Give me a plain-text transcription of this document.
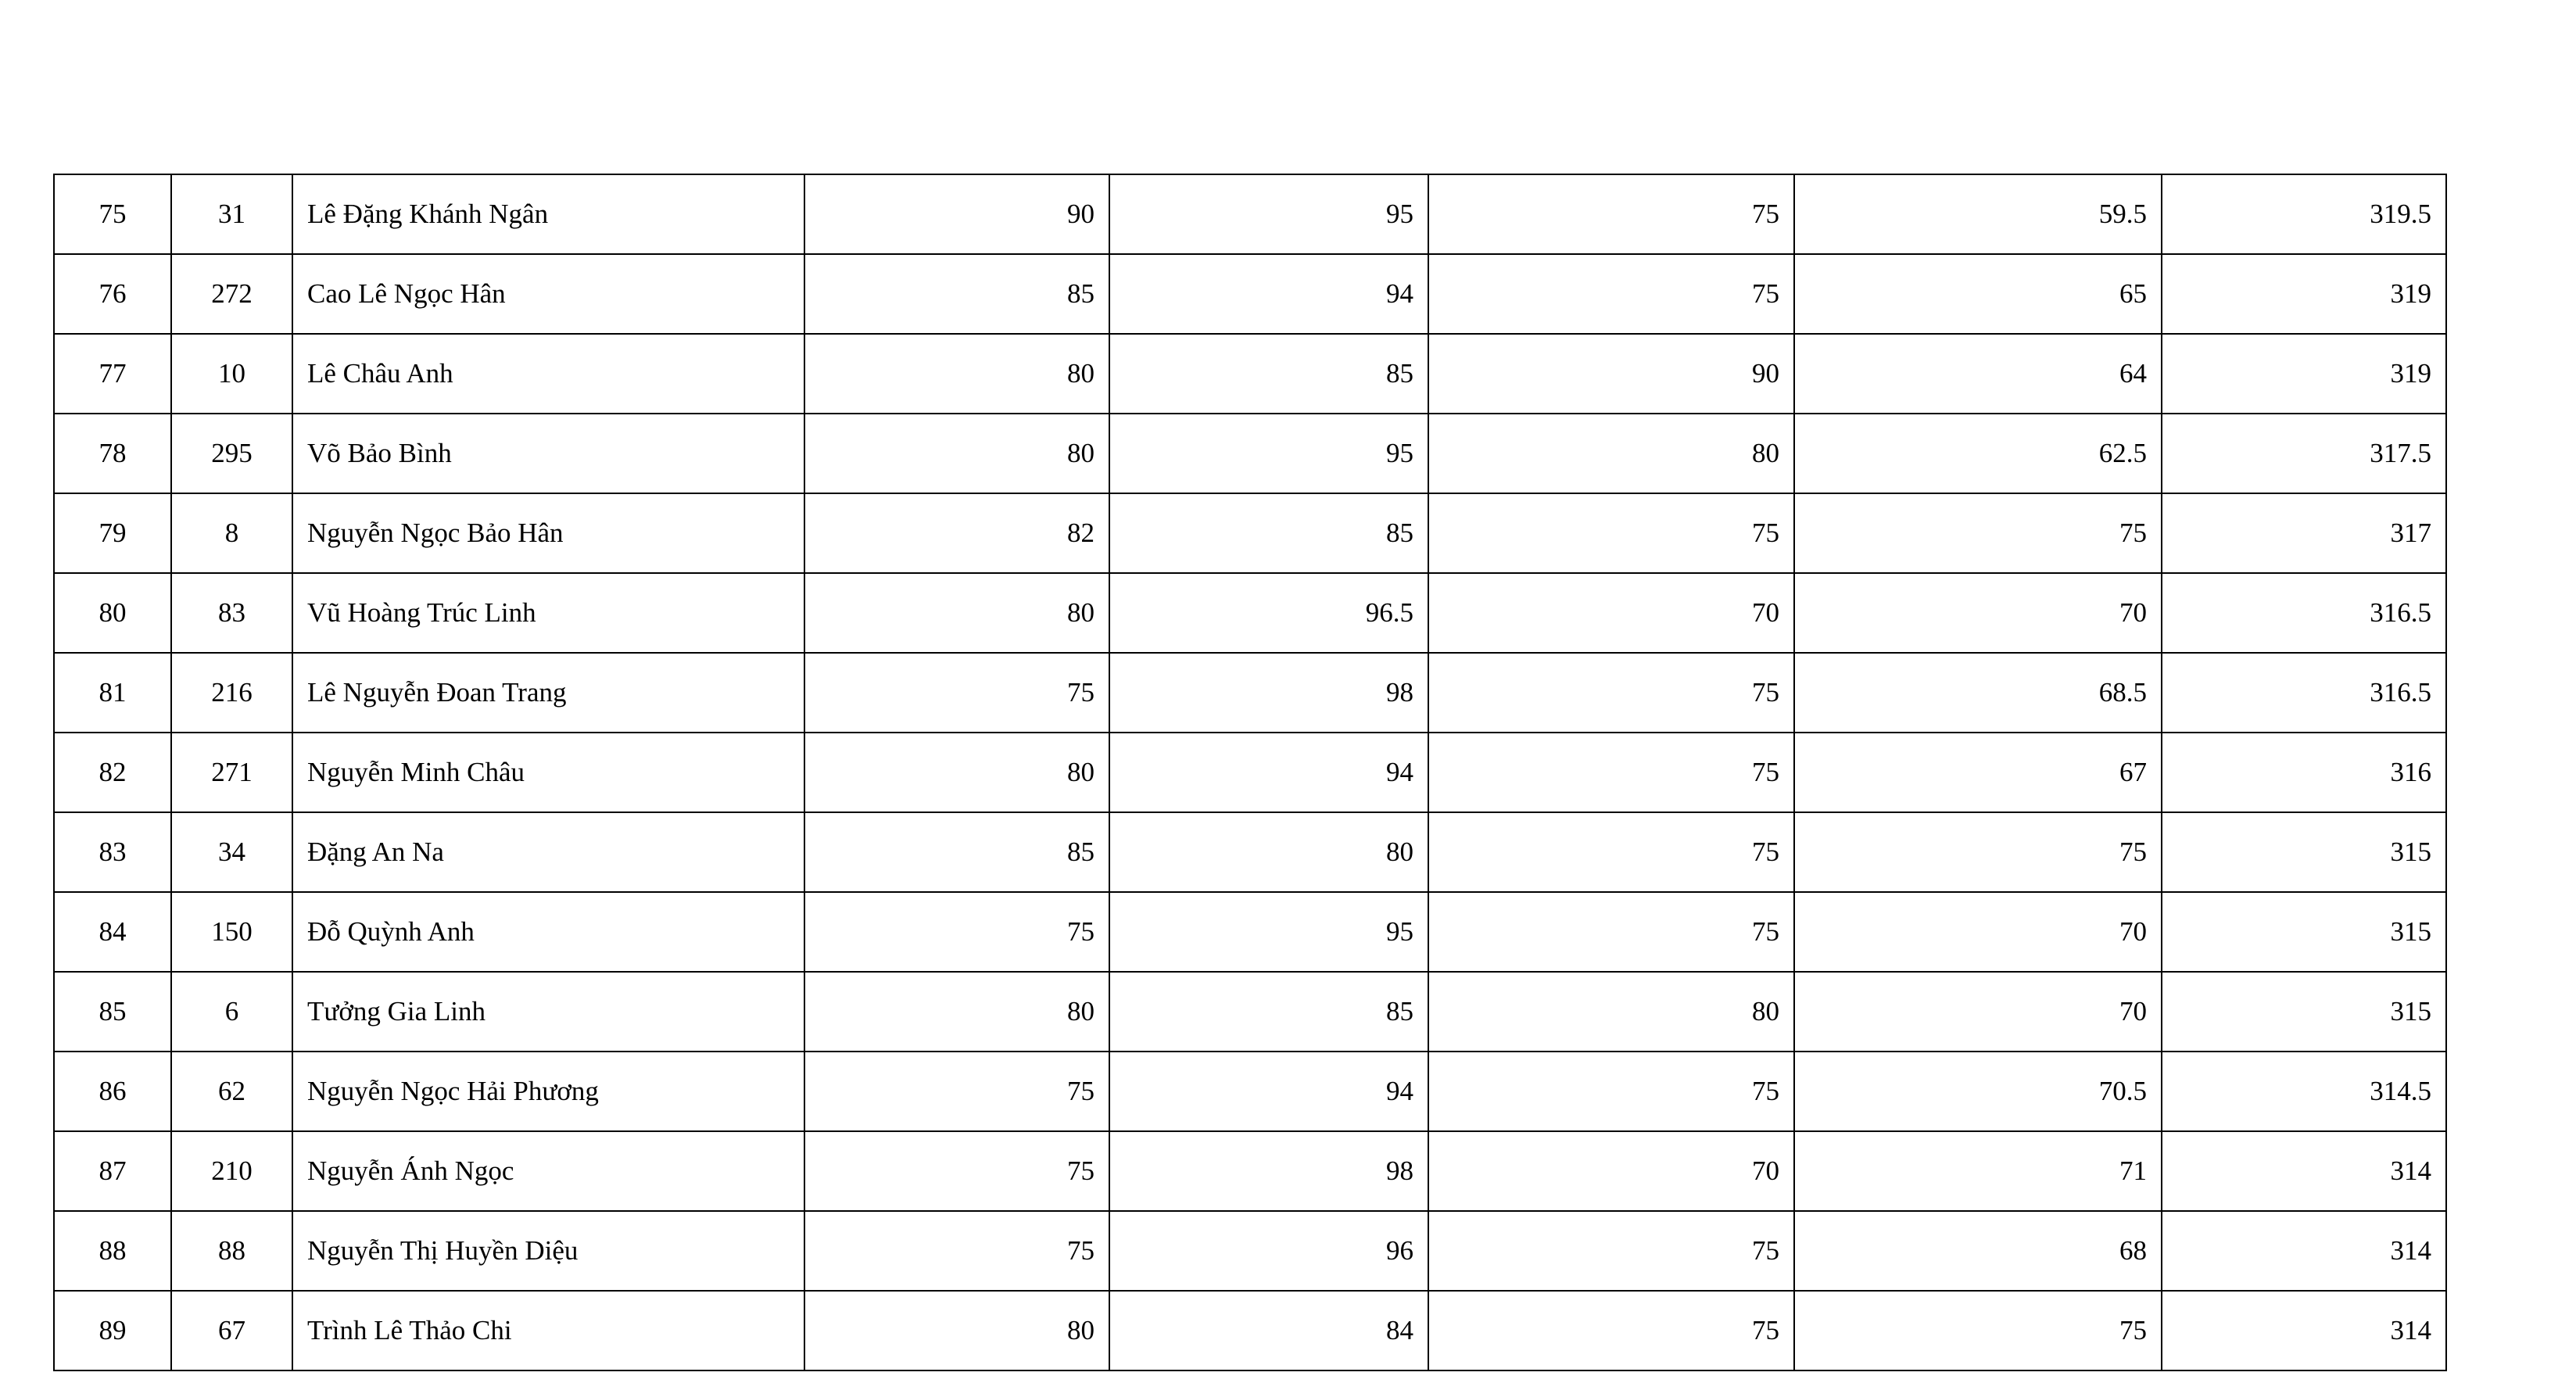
75	31	Lê Đặng Khánh Ngân	90	95	75	59.5	319.5
76	272	Cao Lê Ngọc Hân	85	94	75	65	319
77	10	Lê Châu Anh	80	85	90	64	319
78	295	Võ Bảo Bình	80	95	80	62.5	317.5
79	8	Nguyễn Ngọc Bảo Hân	82	85	75	75	317
80	83	Vũ Hoàng Trúc Linh	80	96.5	70	70	316.5
81	216	Lê Nguyễn Đoan Trang	75	98	75	68.5	316.5
82	271	Nguyễn Minh Châu	80	94	75	67	316
83	34	Đặng An Na	85	80	75	75	315
84	150	Đỗ Quỳnh Anh	75	95	75	70	315
85	6	Tưởng Gia Linh	80	85	80	70	315
86	62	Nguyễn Ngọc Hải Phương	75	94	75	70.5	314.5
87	210	Nguyễn Ánh Ngọc	75	98	70	71	314
88	88	Nguyễn Thị Huyền Diệu	75	96	75	68	314
89	67	Trình Lê Thảo Chi	80	84	75	75	314
